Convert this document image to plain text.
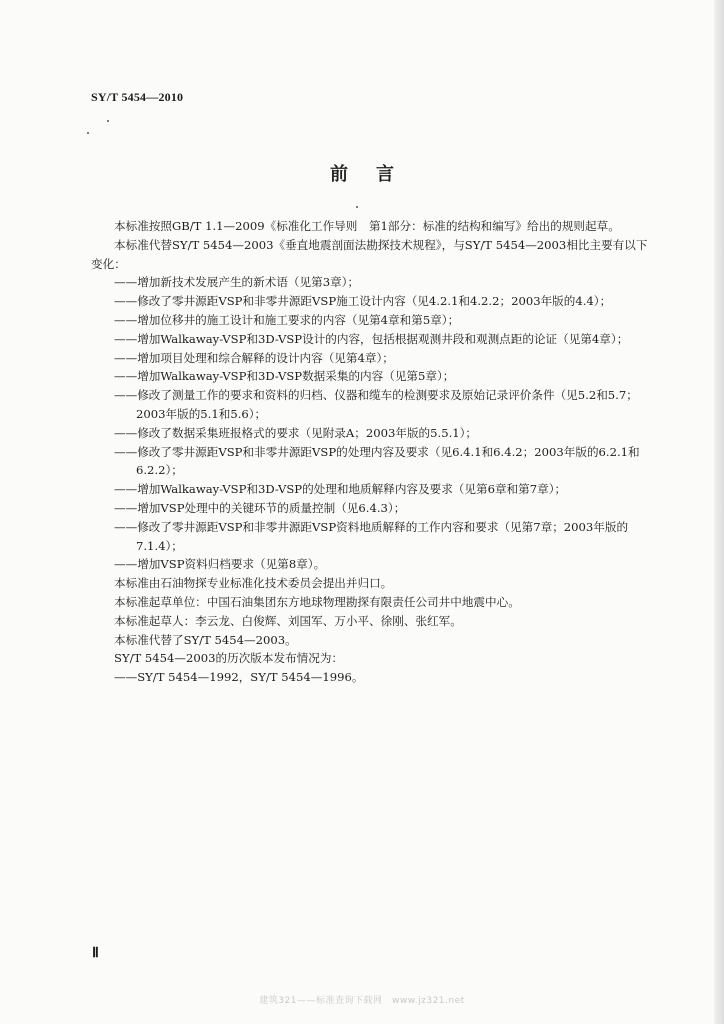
SY/T 5454—2010
前言

本标准按照GB/T 1.1—2009《标准化工作导则　第1部分：标准的结构和编写》给出的规则起草。

本标准代替SY/T 5454—2003《垂直地震剖面法勘探技术规程》，与SY/T 5454—2003相比主要有以下变化：

——增加新技术发展产生的新术语（见第3章）；

——修改了零井源距VSP和非零井源距VSP施工设计内容（见4.2.1和4.2.2；2003年版的4.4）；

——增加位移井的施工设计和施工要求的内容（见第4章和第5章）；

——增加Walkaway-VSP和3D-VSP设计的内容，包括根据观测井段和观测点距的论证（见第4章）；

——增加项目处理和综合解释的设计内容（见第4章）；

——增加Walkaway-VSP和3D-VSP数据采集的内容（见第5章）；

——修改了测量工作的要求和资料的归档、仪器和缆车的检测要求及原始记录评价条件（见5.2和5.7；2003年版的5.1和5.6）；

——修改了数据采集班报格式的要求（见附录A；2003年版的5.5.1）；

——修改了零井源距VSP和非零井源距VSP的处理内容及要求（见6.4.1和6.4.2；2003年版的6.2.1和6.2.2）；

——增加Walkaway-VSP和3D-VSP的处理和地质解释内容及要求（见第6章和第7章）；

——增加VSP处理中的关键环节的质量控制（见6.4.3）；

——修改了零井源距VSP和非零井源距VSP资料地质解释的工作内容和要求（见第7章；2003年版的7.1.4）；

——增加VSP资料归档要求（见第8章）。

本标准由石油物探专业标准化技术委员会提出并归口。

本标准起草单位：中国石油集团东方地球物理勘探有限责任公司井中地震中心。

本标准起草人：李云龙、白俊辉、刘国军、万小平、徐刚、张红军。

本标准代替了SY/T 5454—2003。

SY/T 5454—2003的历次版本发布情况为：

——SY/T 5454—1992，SY/T 5454—1996。

Ⅱ
建筑321——标准查询下载网　www.jz321.net
